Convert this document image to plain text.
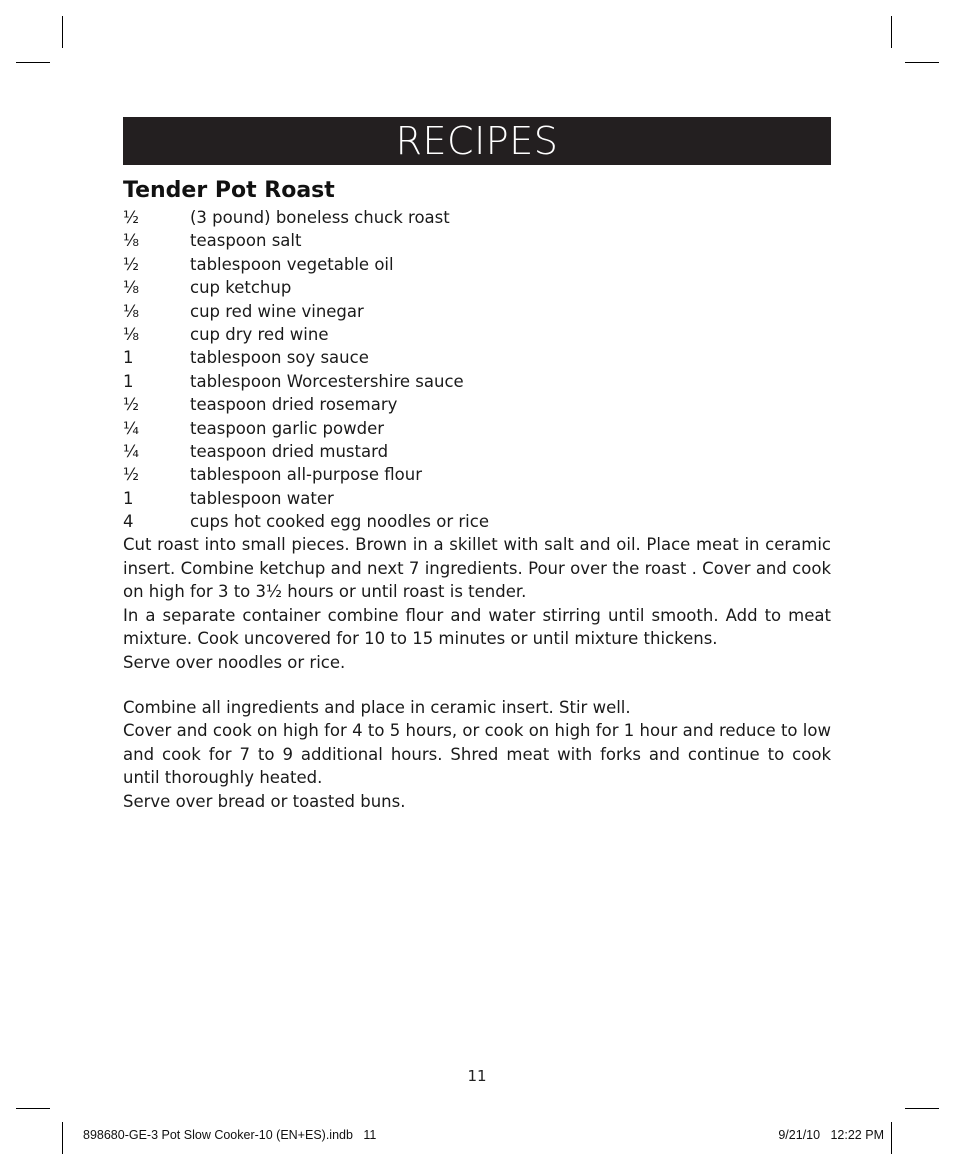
RECIPES
Tender Pot Roast
½	(3 pound) boneless chuck roast
⅛	teaspoon salt
½	tablespoon vegetable oil
⅛	cup ketchup
⅛	cup red wine vinegar
⅛	cup dry red wine
1	tablespoon soy sauce
1	tablespoon Worcestershire sauce
½	teaspoon dried rosemary
¼	teaspoon garlic powder
¼	teaspoon dried mustard
½	tablespoon all-purpose flour
1	tablespoon water
4	cups hot cooked egg noodles or rice

Cut roast into small pieces. Brown in a skillet with salt and oil. Place meat in ceramic insert. Combine ketchup and next 7 ingredients. Pour over the roast . Cover and cook on high for 3 to 3½ hours or until roast is tender.

In a separate container combine flour and water stirring until smooth. Add to meat mixture. Cook uncovered for 10 to 15 minutes or until mixture thickens.

Serve over noodles or rice.

Combine all ingredients and place in ceramic insert. Stir well.

Cover and cook on high for 4 to 5 hours, or cook on high for 1 hour and reduce to low and cook for 7 to 9 additional hours. Shred meat with forks and continue to cook until thoroughly heated.

Serve over bread or toasted buns.

11
898680-GE-3 Pot Slow Cooker-10 (EN+ES).indb   11	9/21/10   12:22 PM
